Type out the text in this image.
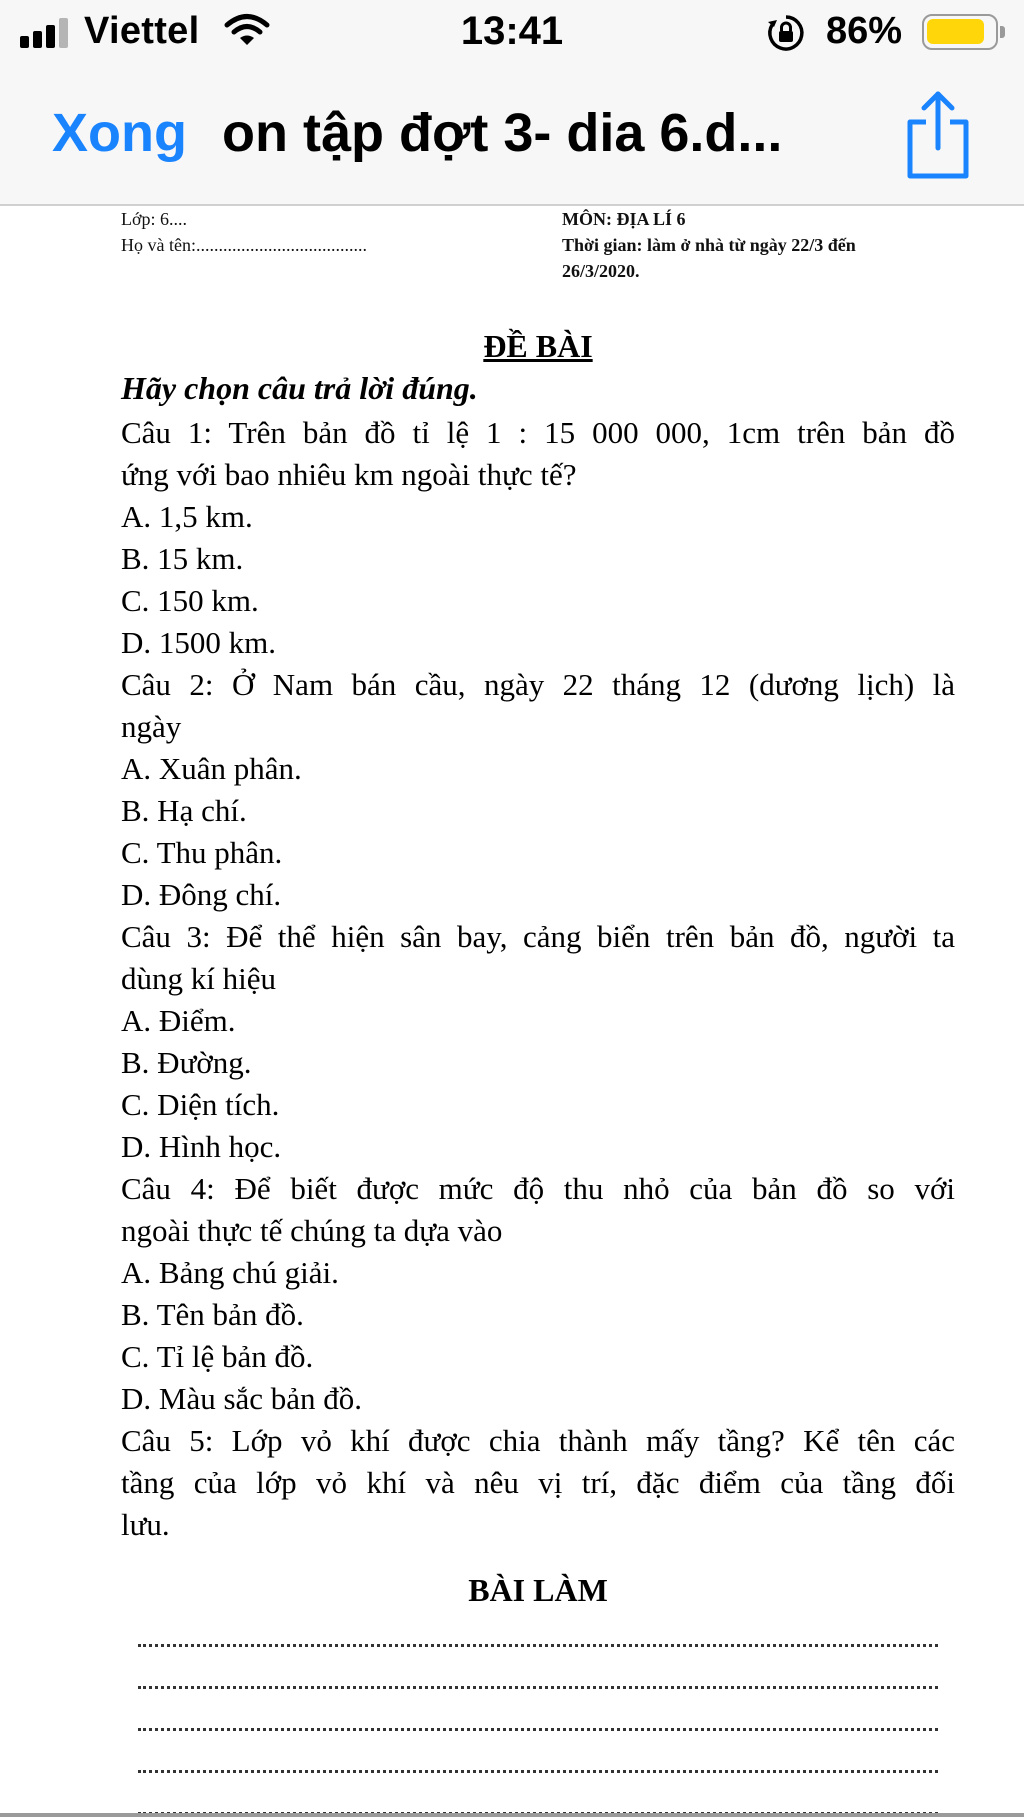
Viettel	13:41	86%
Xong on tập đợt 3- dia 6.d...
Lớp: 6....
Họ và tên:......................................
MÔN: ĐỊA LÍ 6
Thời gian: làm ở nhà từ ngày 22/3 đến
26/3/2020.
ĐỀ BÀI
Hãy chọn câu trả lời đúng.
Câu 1: Trên bản đồ tỉ lệ 1 : 15 000 000, 1cm trên bản đồ
ứng với bao nhiêu km ngoài thực tế?
A. 1,5 km.
B. 15 km.
C. 150 km.
D. 1500 km.
Câu 2: Ở Nam bán cầu, ngày 22 tháng 12 (dương lịch) là
ngày
A. Xuân phân.
B. Hạ chí.
C. Thu phân.
D. Đông chí.
Câu 3: Để thể hiện sân bay, cảng biển trên bản đồ, người ta
dùng kí hiệu
A. Điểm.
B. Đường.
C. Diện tích.
D. Hình học.
Câu 4: Để biết được mức độ thu nhỏ của bản đồ so với
ngoài thực tế chúng ta dựa vào
A. Bảng chú giải.
B. Tên bản đồ.
C. Tỉ lệ bản đồ.
D. Màu sắc bản đồ.
Câu 5: Lớp vỏ khí được chia thành mấy tầng? Kể tên các
tầng của lớp vỏ khí và nêu vị trí, đặc điểm của tầng đối
lưu.
BÀI LÀM
